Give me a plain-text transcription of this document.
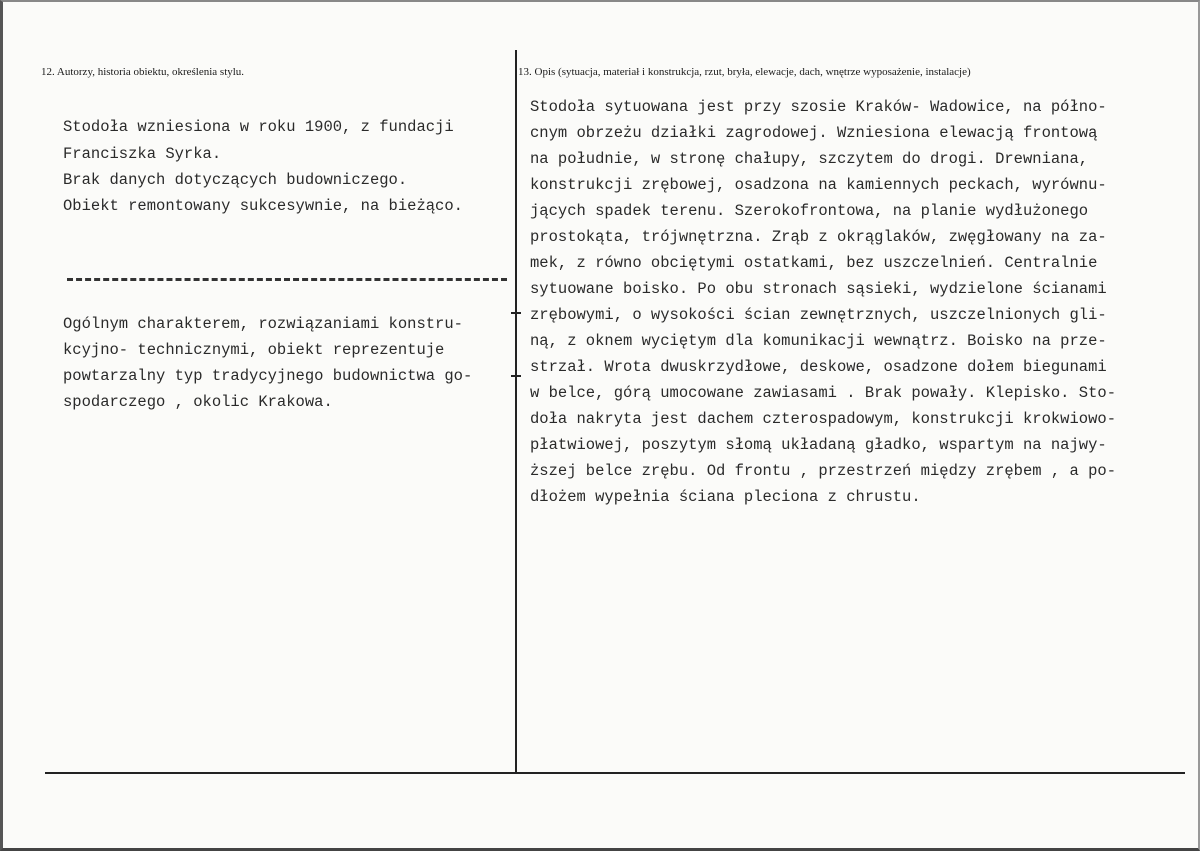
12. Autorzy, historia obiektu, określenia stylu.	13. Opis (sytuacja, materiał i konstrukcja, rzut, bryła, elewacje, dach, wnętrze wyposażenie, instalacje)

Stodoła wzniesiona w roku 1900, z fundacji

Franciszka Syrka.

Brak danych dotyczących budowniczego.

Obiekt remontowany sukcesywnie, na bieżąco.

Ogólnym charakterem, rozwiązaniami konstru-

kcyjno- technicznymi, obiekt reprezentuje

powtarzalny typ tradycyjnego budownictwa go-

spodarczego , okolic Krakowa.

Stodoła sytuowana jest przy szosie Kraków- Wadowice, na półno-

cnym obrzeżu działki zagrodowej. Wzniesiona elewacją frontową

na południe, w stronę chałupy, szczytem do drogi. Drewniana,

konstrukcji zrębowej, osadzona na kamiennych peckach, wyrównu-

jących spadek terenu. Szerokofrontowa, na planie wydłużonego

prostokąta, trójwnętrzna. Zrąb z okrąglaków, zwęgłowany na za-

mek, z równo obciętymi ostatkami, bez uszczelnień. Centralnie

sytuowane boisko. Po obu stronach sąsieki, wydzielone ścianami

zrębowymi, o wysokości ścian zewnętrznych, uszczelnionych gli-

ną, z oknem wyciętym dla komunikacji wewnątrz. Boisko na prze-

strzał. Wrota dwuskrzydłowe, deskowe, osadzone dołem biegunami

w belce, górą umocowane zawiasami . Brak powały. Klepisko. Sto-

doła nakryta jest dachem czterospadowym, konstrukcji krokwiowo-

płatwiowej, poszytym słomą układaną gładko, wspartym na najwy-

ższej belce zrębu. Od frontu , przestrzeń między zrębem , a po-

dłożem wypełnia ściana pleciona z chrustu.
